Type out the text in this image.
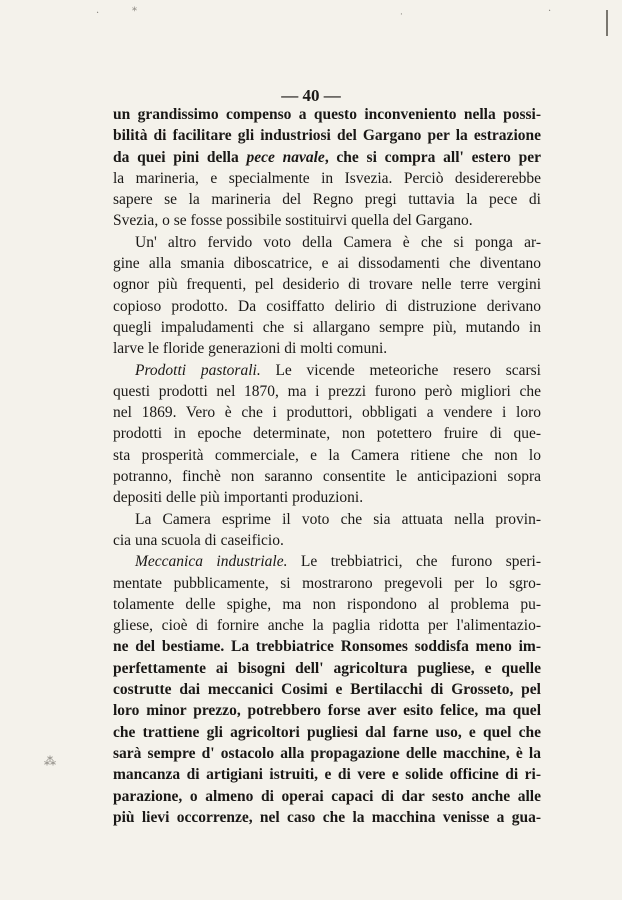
·	*	·	·
⁂
— 40 —
un grandissimo compenso a questo inconveniento nella possi-
bilità di facilitare gli industriosi del Gargano per la estrazione
da quei pini della pece navale, che si compra all' estero per
la marineria, e specialmente in Isvezia. Perciò desidererebbe
sapere se la marineria del Regno pregi tuttavia la pece di
Svezia, o se fosse possibile sostituirvi quella del Gargano.
Un' altro fervido voto della Camera è che si ponga ar-
gine alla smania diboscatrice, e ai dissodamenti che diventano
ognor più frequenti, pel desiderio di trovare nelle terre vergini
copioso prodotto. Da cosiffatto delirio di distruzione derivano
quegli impaludamenti che si allargano sempre più, mutando in
larve le floride generazioni di molti comuni.
Prodotti pastorali. Le vicende meteoriche resero scarsi
questi prodotti nel 1870, ma i prezzi furono però migliori che
nel 1869. Vero è che i produttori, obbligati a vendere i loro
prodotti in epoche determinate, non potettero fruire di que-
sta prosperità commerciale, e la Camera ritiene che non lo
potranno, finchè non saranno consentite le anticipazioni sopra
depositi delle più importanti produzioni.
La Camera esprime il voto che sia attuata nella provin-
cia una scuola di caseificio.
Meccanica industriale. Le trebbiatrici, che furono speri-
mentate pubblicamente, si mostrarono pregevoli per lo sgro-
tolamente delle spighe, ma non rispondono al problema pu-
gliese, cioè di fornire anche la paglia ridotta per l'alimentazio-
ne del bestiame. La trebbiatrice Ronsomes soddisfa meno im-
perfettamente ai bisogni dell' agricoltura pugliese, e quelle
costrutte dai meccanici Cosimi e Bertilacchi di Grosseto, pel
loro minor prezzo, potrebbero forse aver esito felice, ma quel
che trattiene gli agricoltori pugliesi dal farne uso, e quel che
sarà sempre d' ostacolo alla propagazione delle macchine, è la
mancanza di artigiani istruiti, e di vere e solide officine di ri-
parazione, o almeno di operai capaci di dar sesto anche alle
più lievi occorrenze, nel caso che la macchina venisse a gua-
